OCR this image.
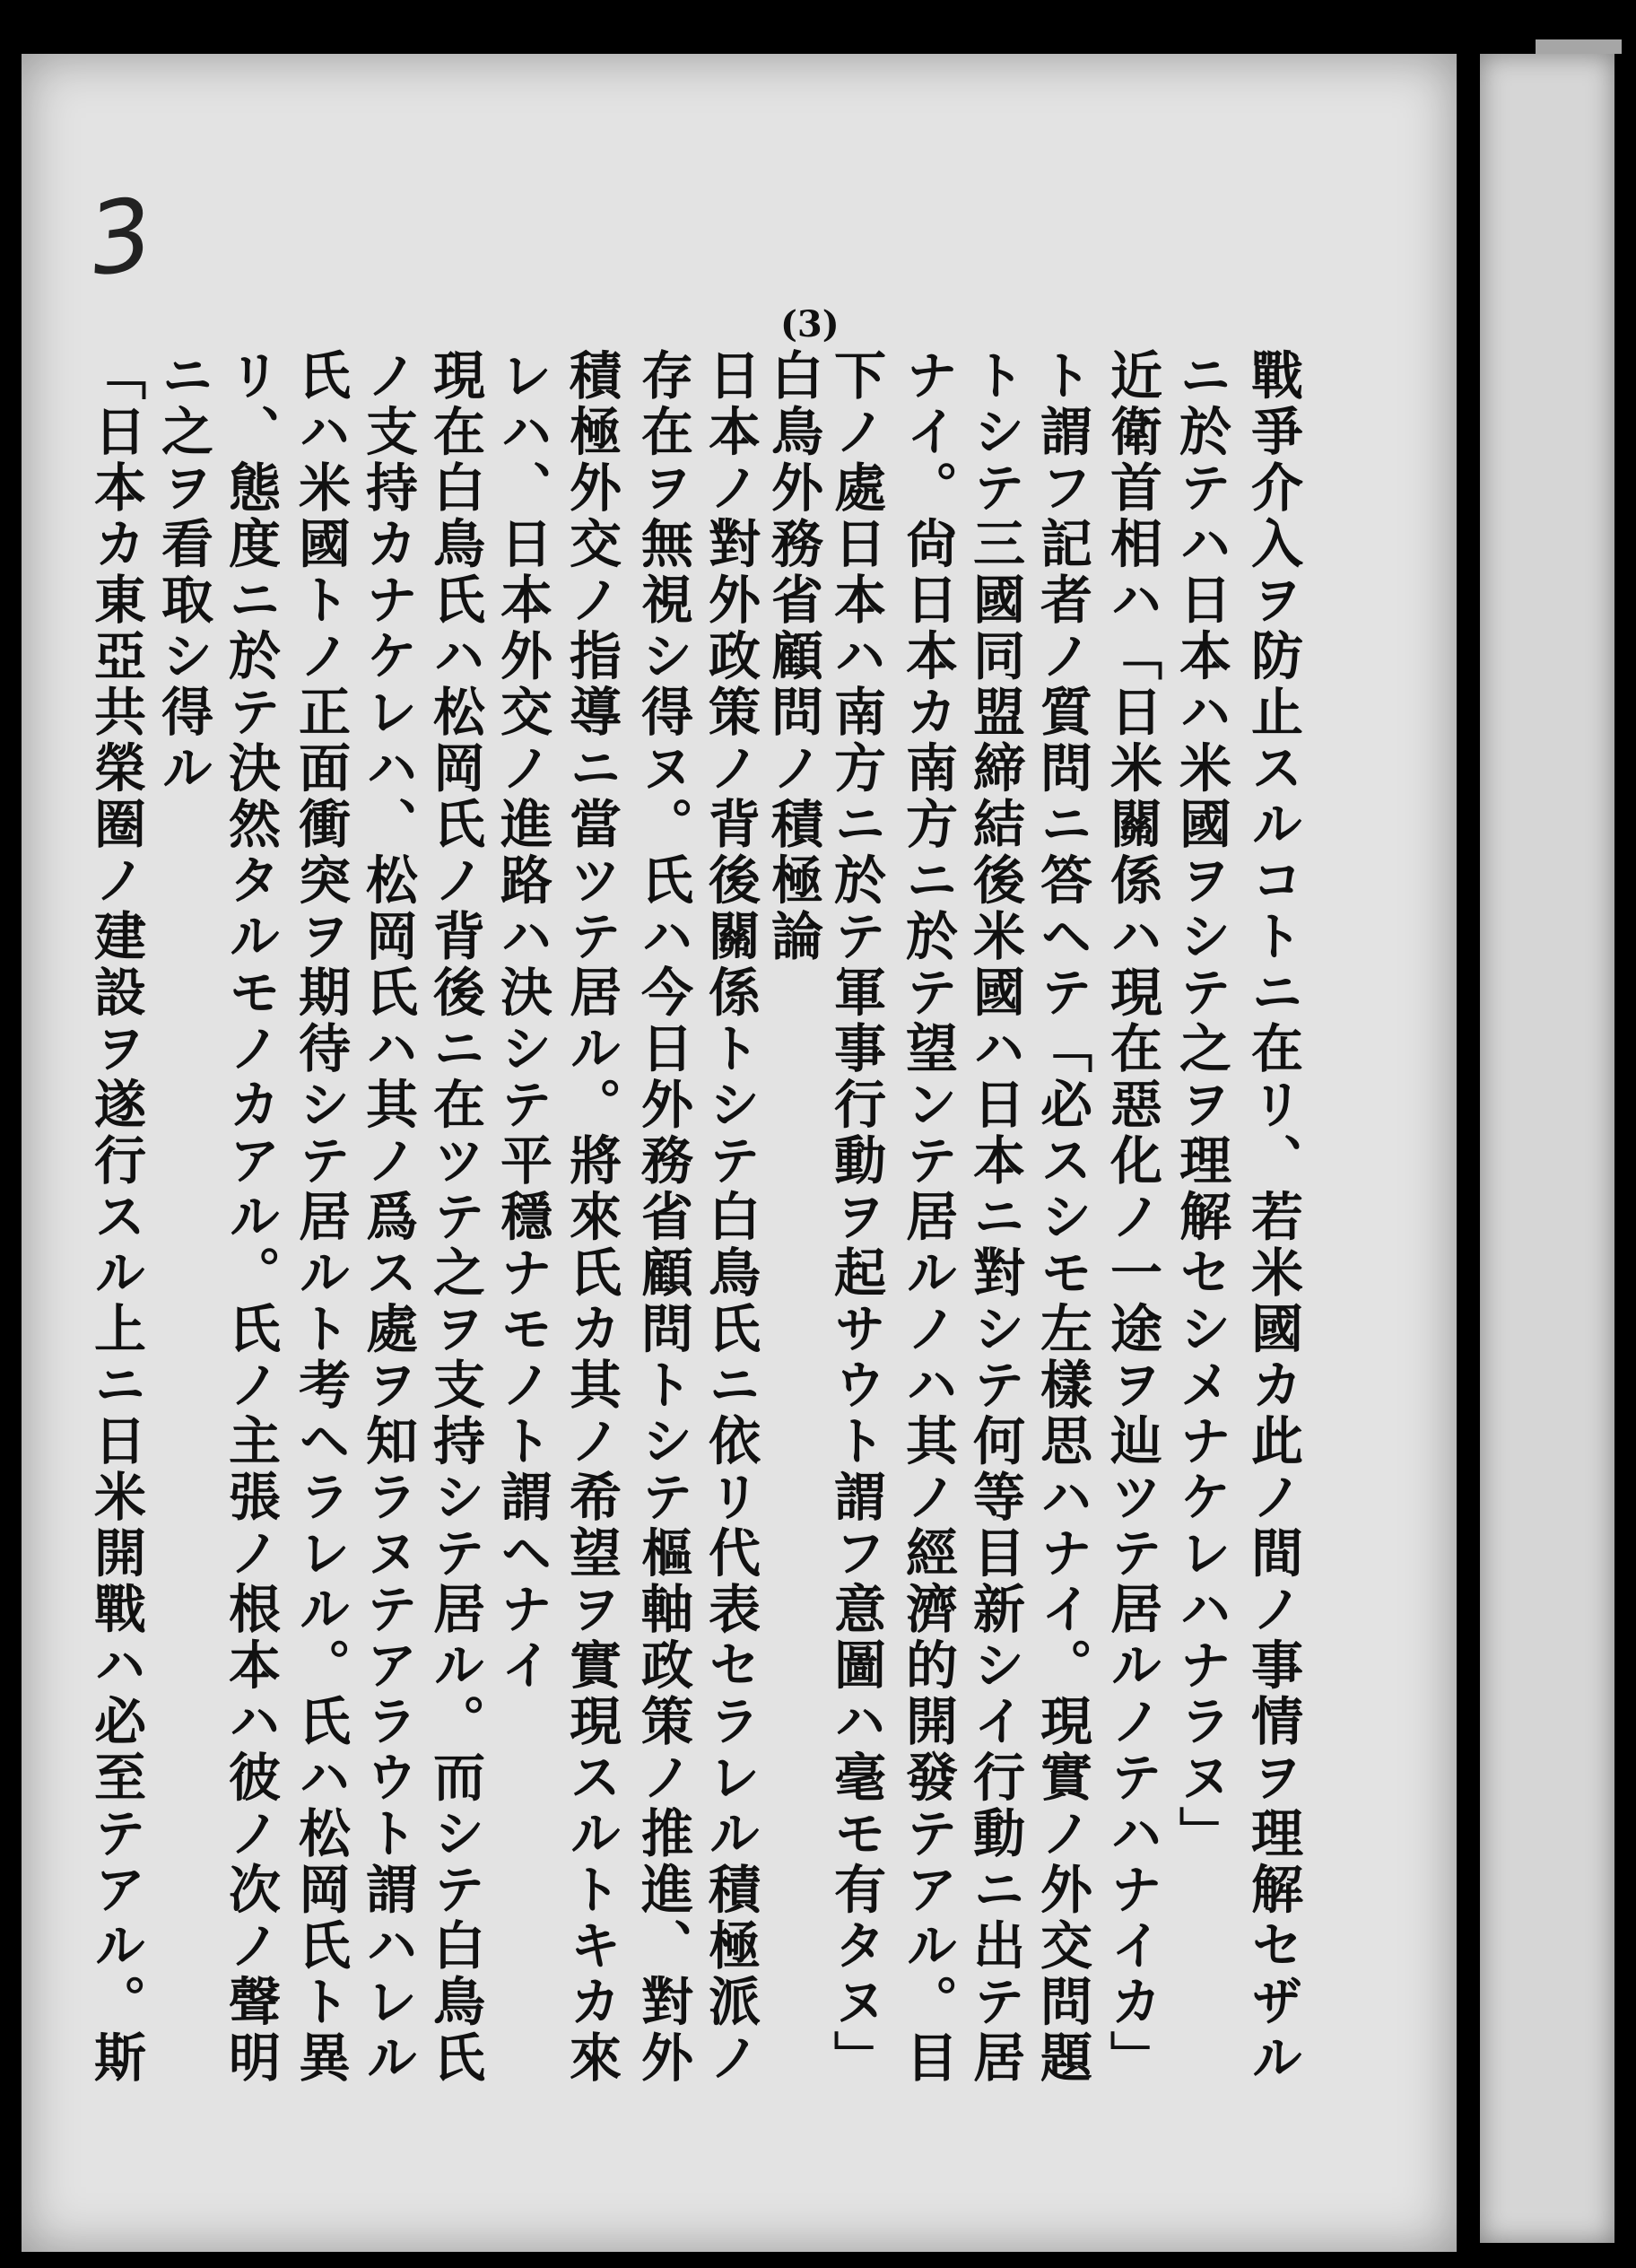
3
(3)
戰爭介入ヲ防止スルコトニ在リ、若米國カ此ノ間ノ事情ヲ理解セザル
ニ於テハ日本ハ米國ヲシテ之ヲ理解セシメナケレハナラヌ」
近衛首相ハ「日米關係ハ現在惡化ノ一途ヲ辿ツテ居ルノテハナイカ」
ト謂フ記者ノ質問ニ答ヘテ「必スシモ左樣思ハナイ。現實ノ外交問題
トシテ三國同盟締結後米國ハ日本ニ對シテ何等目新シイ行動ニ出テ居
ナイ。尙日本カ南方ニ於テ望ンテ居ルノハ其ノ經濟的開發テアル。目
下ノ處日本ハ南方ニ於テ軍事行動ヲ起サウト謂フ意圖ハ毫モ有タヌ」
白鳥外務省顧問ノ積極論
日本ノ對外政策ノ背後關係トシテ白鳥氏ニ依リ代表セラレル積極派ノ
存在ヲ無視シ得ヌ。氏ハ今日外務省顧問トシテ樞軸政策ノ推進、對外
積極外交ノ指導ニ當ツテ居ル。將來氏カ其ノ希望ヲ實現スルトキカ來
レハ、日本外交ノ進路ハ決シテ平穩ナモノト謂ヘナイ
現在白鳥氏ハ松岡氏ノ背後ニ在ツテ之ヲ支持シテ居ル。而シテ白鳥氏
ノ支持カナケレハ、松岡氏ハ其ノ爲ス處ヲ知ラヌテアラウト謂ハレル
氏ハ米國トノ正面衝突ヲ期待シテ居ルト考ヘラレル。氏ハ松岡氏ト異
リ、態度ニ於テ決然タルモノカアル。氏ノ主張ノ根本ハ彼ノ次ノ聲明
ニ之ヲ看取シ得ル
「日本カ東亞共榮圈ノ建設ヲ遂行スル上ニ日米開戰ハ必至テアル。斯
